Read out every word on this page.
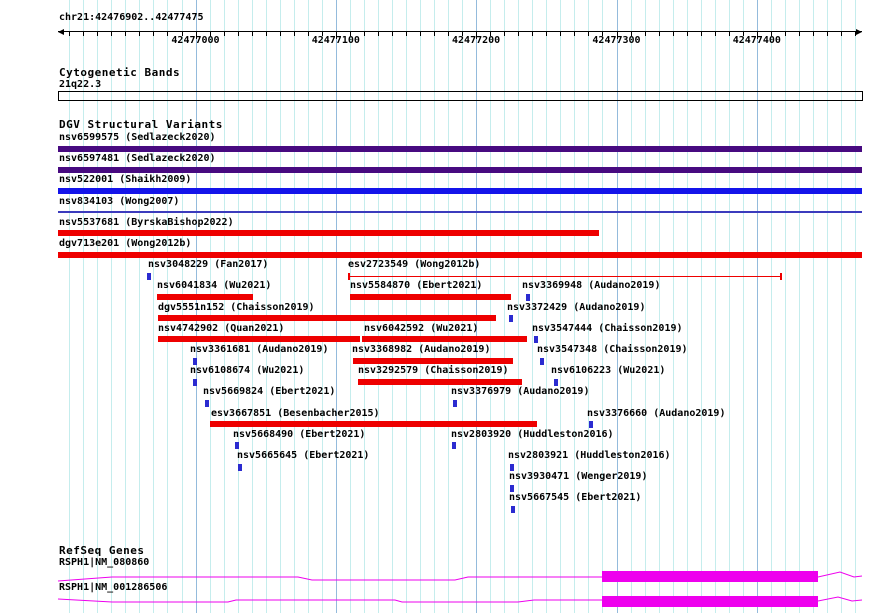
chr21:42476902..42477475
42477000	42477100	42477200	42477300	42477400
Cytogenetic Bands
21q22.3
DGV Structural Variants
nsv6599575 (Sedlazeck2020)
nsv6597481 (Sedlazeck2020)
nsv522001 (Shaikh2009)
nsv834103 (Wong2007)
nsv5537681 (ByrskaBishop2022)
dgv713e201 (Wong2012b)
nsv3048229 (Fan2017)	esv2723549 (Wong2012b)
nsv6041834 (Wu2021)	nsv5584870 (Ebert2021)	nsv3369948 (Audano2019)
dgv5551n152 (Chaisson2019)	nsv3372429 (Audano2019)
nsv4742902 (Quan2021)	nsv6042592 (Wu2021)	nsv3547444 (Chaisson2019)
nsv3361681 (Audano2019) nsv3368982 (Audano2019)	nsv3547348 (Chaisson2019)
nsv6108674 (Wu2021)	nsv3292579 (Chaisson2019)	nsv6106223 (Wu2021)
nsv5669824 (Ebert2021)	nsv3376979 (Audano2019)
esv3667851 (Besenbacher2015)	nsv3376660 (Audano2019)
nsv5668490 (Ebert2021)	nsv2803920 (Huddleston2016)
nsv5665645 (Ebert2021)	nsv2803921 (Huddleston2016)
nsv3930471 (Wenger2019)
nsv5667545 (Ebert2021)
RefSeq Genes
RSPH1|NM_080860
RSPH1|NM_001286506
